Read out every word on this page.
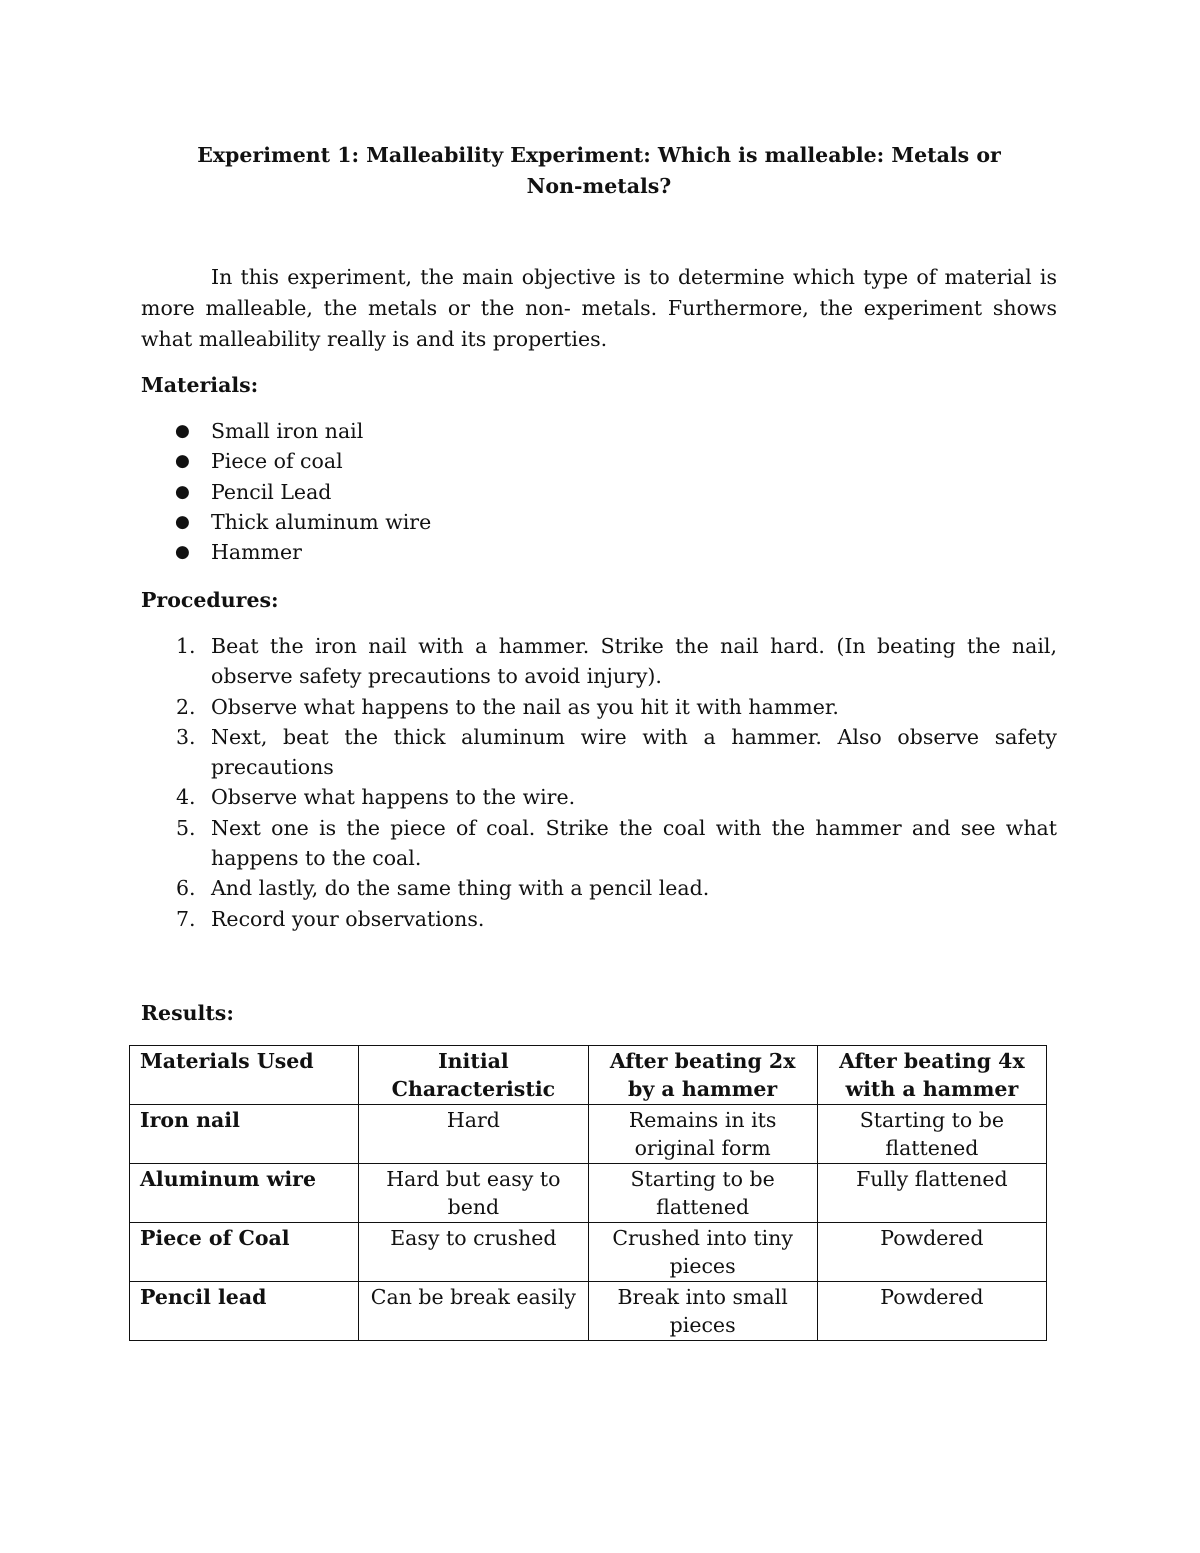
Experiment 1: Malleability Experiment: Which is malleable: Metals or
Non-metals?

In this experiment, the main objective is to determine which type of material is more malleable, the metals or the non- metals. Furthermore, the experiment shows what malleability really is and its properties.

Materials:
● Small iron nail
● Piece of coal
● Pencil Lead
● Thick aluminum wire
● Hammer
Procedures:
1. Beat the iron nail with a hammer. Strike the nail hard. (In beating the nail, observe safety precautions to avoid injury).
2. Observe what happens to the nail as you hit it with hammer.
3. Next, beat the thick aluminum wire with a hammer. Also observe safety precautions
4. Observe what happens to the wire.
5. Next one is the piece of coal. Strike the coal with the hammer and see what happens to the coal.
6. And lastly, do the same thing with a pencil lead.
7. Record your observations.
Results:
Materials Used	Initial Characteristic	After beating 2x by a hammer	After beating 4x with a hammer
Iron nail	Hard	Remains in its original form	Starting to be flattened
Aluminum wire	Hard but easy to bend	Starting to be flattened	Fully flattened
Piece of Coal	Easy to crushed	Crushed into tiny pieces	Powdered
Pencil lead	Can be break easily	Break into small pieces	Powdered
